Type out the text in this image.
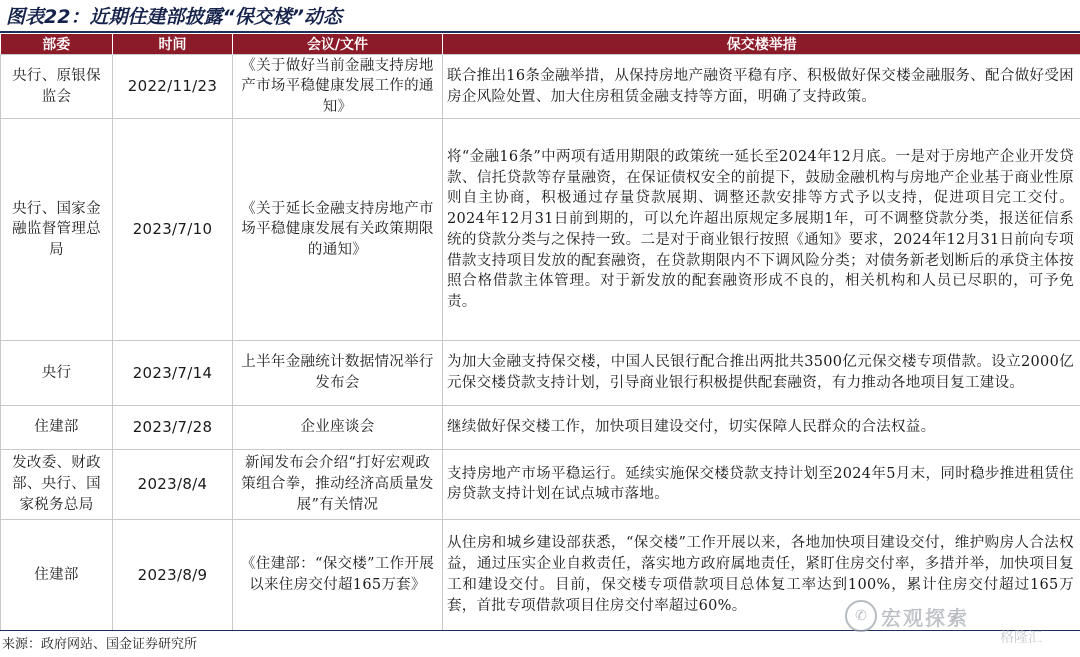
图表22：近期住建部披露“保交楼”动态
部委	时间	会议/文件	保交楼举措
央行、原银保监会	2022/11/23	《关于做好当前金融支持房地产市场平稳健康发展工作的通知》	联合推出16条金融举措，从保持房地产融资平稳有序、积极做好保交楼金融服务、配合做好受困房企风险处置、加大住房租赁金融支持等方面，明确了支持政策。
央行、国家金融监督管理总局	2023/7/10	《关于延长金融支持房地产市场平稳健康发展有关政策期限的通知》	将“金融16条”中两项有适用期限的政策统一延长至2024年12月底。一是对于房地产企业开发贷款、信托贷款等存量融资，在保证债权安全的前提下，鼓励金融机构与房地产企业基于商业性原则自主协商，积极通过存量贷款展期、调整还款安排等方式予以支持，促进项目完工交付。2024年12月31日前到期的，可以允许超出原规定多展期1年，可不调整贷款分类，报送征信系统的贷款分类与之保持一致。二是对于商业银行按照《通知》要求，2024年12月31日前向专项借款支持项目发放的配套融资，在贷款期限内不下调风险分类；对债务新老划断后的承贷主体按照合格借款主体管理。对于新发放的配套融资形成不良的，相关机构和人员已尽职的，可予免责。
央行	2023/7/14	上半年金融统计数据情况举行发布会	为加大金融支持保交楼，中国人民银行配合推出两批共3500亿元保交楼专项借款。设立2000亿元保交楼贷款支持计划，引导商业银行积极提供配套融资，有力推动各地项目复工建设。
住建部	2023/7/28	企业座谈会	继续做好保交楼工作，加快项目建设交付，切实保障人民群众的合法权益。
发改委、财政部、央行、国家税务总局	2023/8/4	新闻发布会介绍“打好宏观政策组合拳，推动经济高质量发展”有关情况	支持房地产市场平稳运行。延续实施保交楼贷款支持计划至2024年5月末，同时稳步推进租赁住房贷款支持计划在试点城市落地。
住建部	2023/8/9	《住建部：“保交楼”工作开展以来住房交付超165万套》	从住房和城乡建设部获悉，“保交楼”工作开展以来，各地加快项目建设交付，维护购房人合法权益，通过压实企业自救责任，落实地方政府属地责任，紧盯住房交付率，多措并举，加快项目复工和建设交付。目前，保交楼专项借款项目总体复工率达到100%，累计住房交付超过165万套，首批专项借款项目住房交付率超过60%。
来源：政府网站、国金证券研究所
✆ 宏观探索
格隆汇
